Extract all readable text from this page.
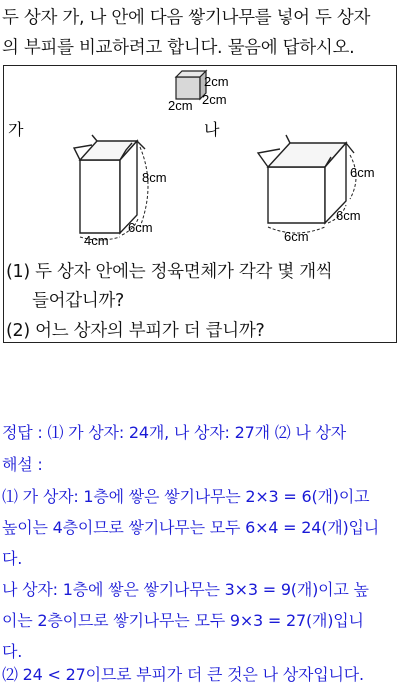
두 상자 가, 나 안에 다음 쌓기나무를 넣어 두 상자
의 부피를 비교하려고 합니다. 물음에 답하시오.
2cm
2cm
2cm
가	나
8cm
6cm
4cm
6cm
6cm
6cm
(1) 두 상자 안에는 정육면체가 각각 몇 개씩
들어갑니까?
(2) 어느 상자의 부피가 더 큽니까?
정답 : ⑴ 가 상자: 24개, 나 상자: 27개 ⑵ 나 상자
해설 :
⑴ 가 상자: 1층에 쌓은 쌓기나무는 2×3 = 6(개)이고
높이는 4층이므로 쌓기나무는 모두 6×4 = 24(개)입니
다.
나 상자: 1층에 쌓은 쌓기나무는 3×3 = 9(개)이고 높
이는 2층이므로 쌓기나무는 모두 9×3 = 27(개)입니
다.
⑵ 24 < 27이므로 부피가 더 큰 것은 나 상자입니다.
